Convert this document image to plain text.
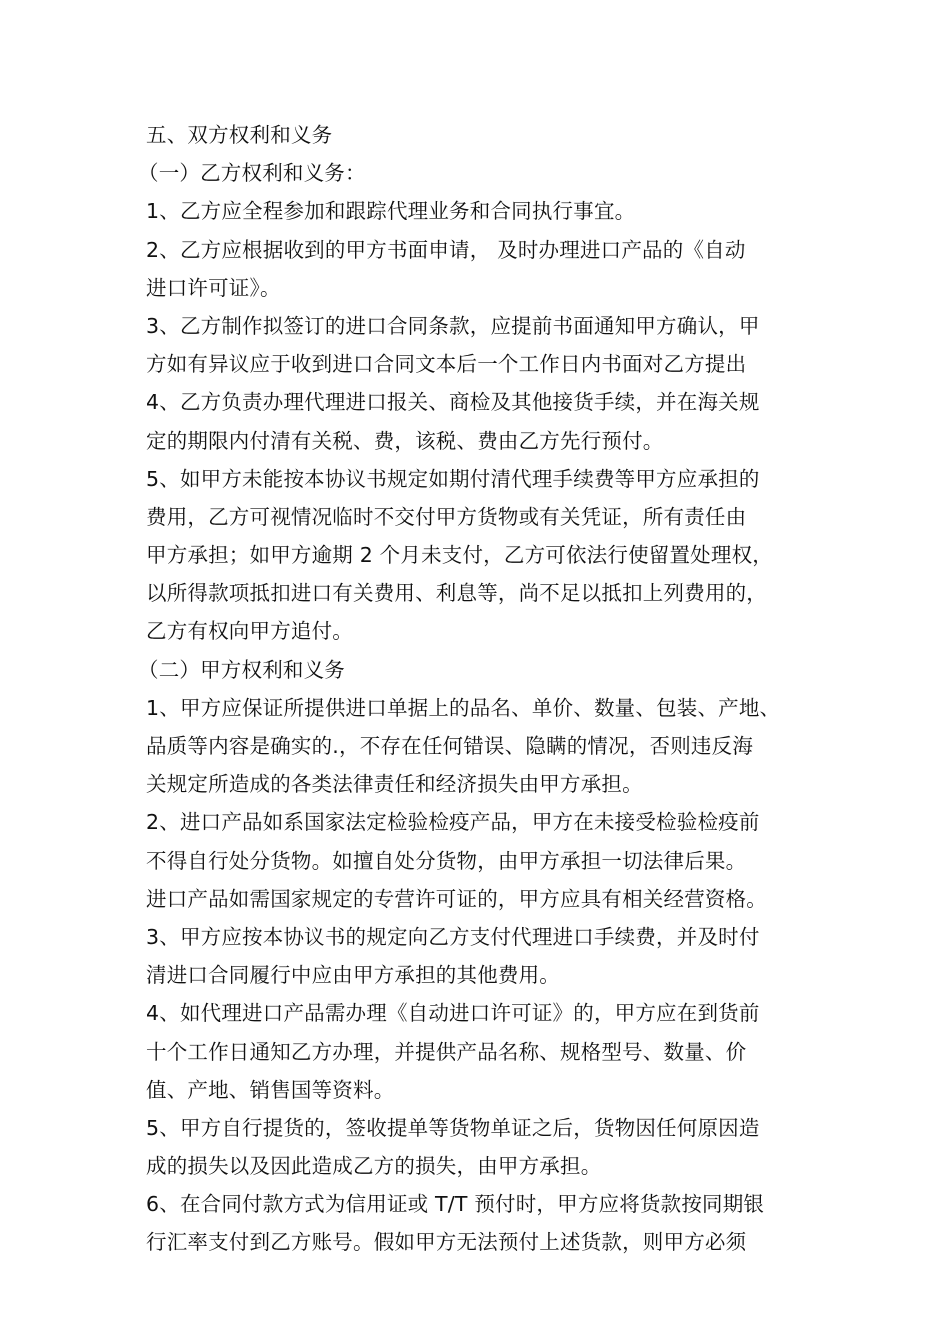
五、双方权利和义务
（一）乙方权利和义务：
1、乙方应全程参加和跟踪代理业务和合同执行事宜。
2、乙方应根据收到的甲方书面申请， 及时办理进口产品的《自动
进口许可证》。
3、乙方制作拟签订的进口合同条款，应提前书面通知甲方确认，甲
方如有异议应于收到进口合同文本后一个工作日内书面对乙方提出
4、乙方负责办理代理进口报关、商检及其他接货手续，并在海关规
定的期限内付清有关税、费，该税、费由乙方先行预付。
5、如甲方未能按本协议书规定如期付清代理手续费等甲方应承担的
费用，乙方可视情况临时不交付甲方货物或有关凭证，所有责任由
甲方承担；如甲方逾期 2 个月未支付，乙方可依法行使留置处理权，
以所得款项抵扣进口有关费用、利息等，尚不足以抵扣上列费用的，
乙方有权向甲方追付。
（二）甲方权利和义务
1、甲方应保证所提供进口单据上的品名、单价、数量、包装、产地、
品质等内容是确实的.，不存在任何错误、隐瞒的情况，否则违反海
关规定所造成的各类法律责任和经济损失由甲方承担。
2、进口产品如系国家法定检验检疫产品，甲方在未接受检验检疫前
不得自行处分货物。如擅自处分货物，由甲方承担一切法律后果。
进口产品如需国家规定的专营许可证的，甲方应具有相关经营资格。
3、甲方应按本协议书的规定向乙方支付代理进口手续费，并及时付
清进口合同履行中应由甲方承担的其他费用。
4、如代理进口产品需办理《自动进口许可证》的，甲方应在到货前
十个工作日通知乙方办理，并提供产品名称、规格型号、数量、价
值、产地、销售国等资料。
5、甲方自行提货的，签收提单等货物单证之后，货物因任何原因造
成的损失以及因此造成乙方的损失，由甲方承担。
6、在合同付款方式为信用证或 T/T 预付时，甲方应将货款按同期银
行汇率支付到乙方账号。假如甲方无法预付上述货款，则甲方必须
